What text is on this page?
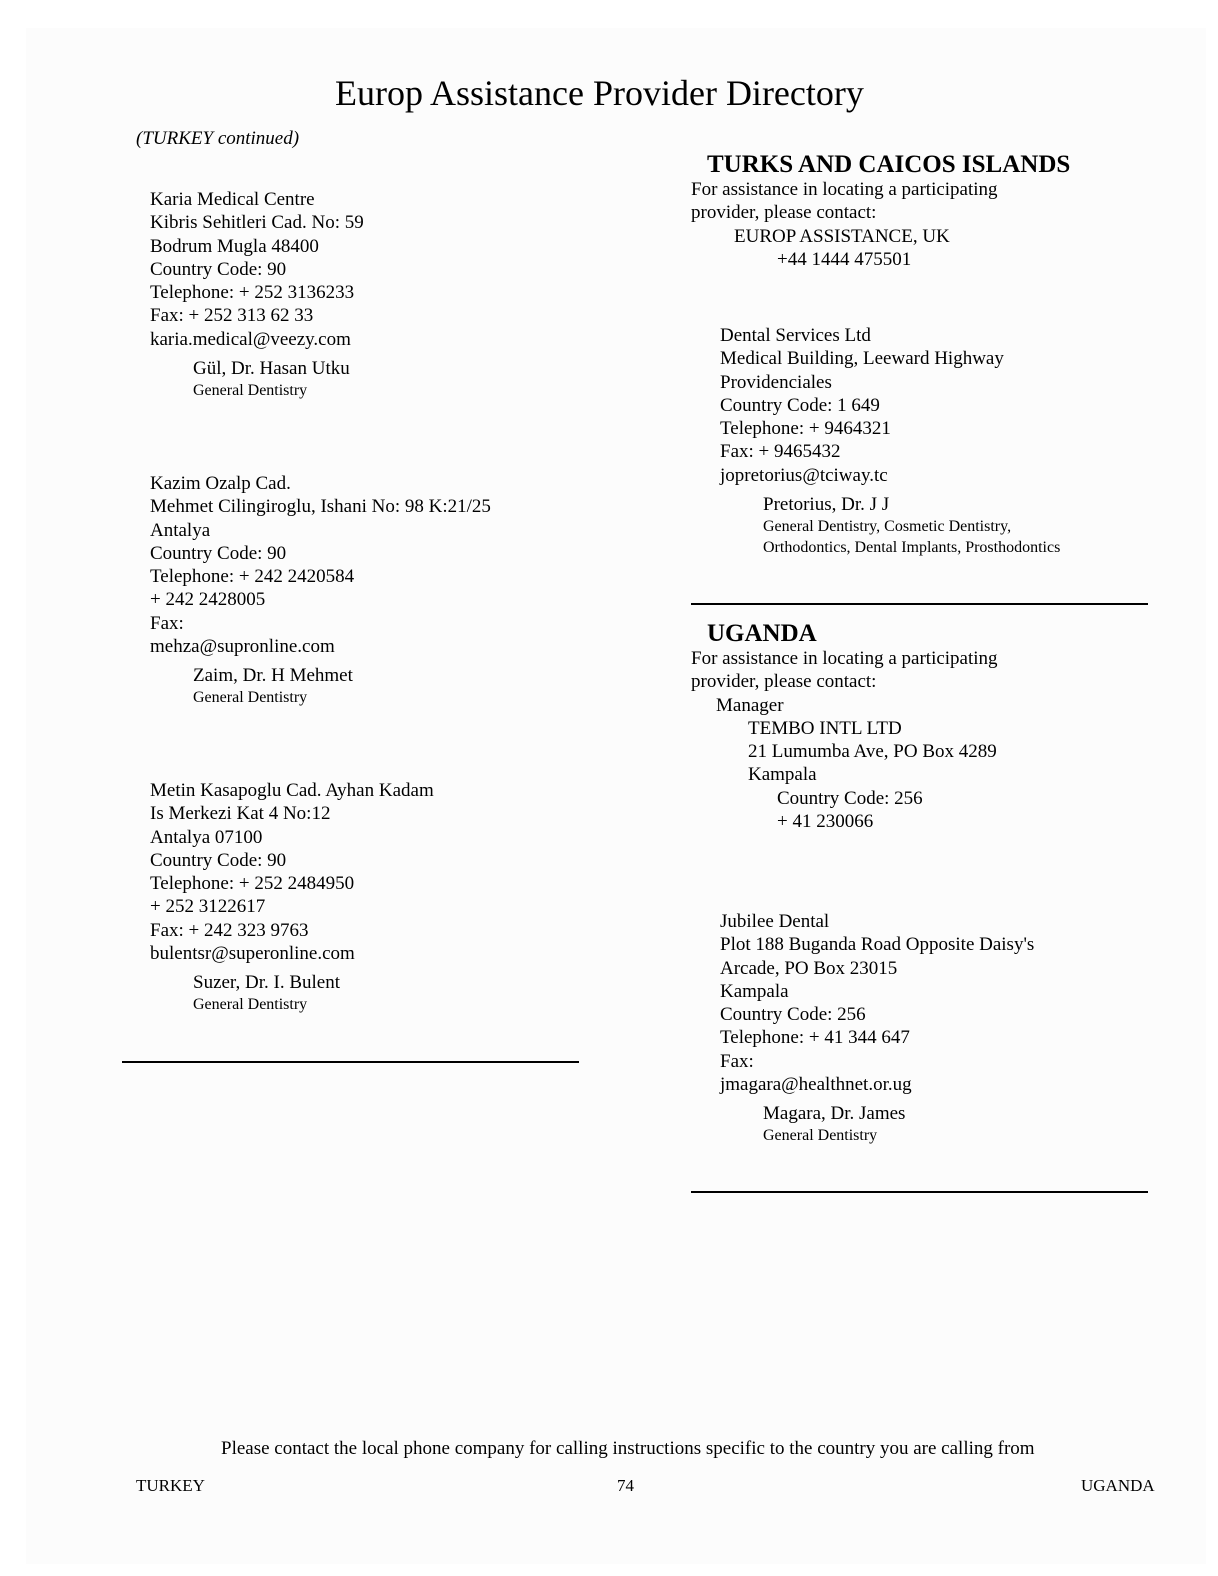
Europ Assistance Provider Directory
(TURKEY continued)
Karia Medical Centre
Kibris Sehitleri Cad. No: 59
Bodrum Mugla 48400
Country Code: 90
Telephone: + 252 3136233
Fax: + 252 313 62 33
karia.medical@veezy.com
Gül, Dr. Hasan Utku
General Dentistry
Kazim Ozalp Cad.
Mehmet Cilingiroglu, Ishani No: 98 K:21/25
Antalya
Country Code: 90
Telephone: + 242 2420584
+ 242 2428005
Fax:
mehza@supronline.com
Zaim, Dr. H Mehmet
General Dentistry
Metin Kasapoglu Cad. Ayhan Kadam
Is Merkezi Kat 4 No:12
Antalya 07100
Country Code: 90
Telephone: + 252 2484950
+ 252 3122617
Fax: + 242 323 9763
bulentsr@superonline.com
Suzer, Dr. I. Bulent
General Dentistry
TURKS AND CAICOS ISLANDS
For assistance in locating a participating
provider, please contact:
EUROP ASSISTANCE, UK
+44 1444 475501
Dental Services Ltd
Medical Building, Leeward Highway
Providenciales
Country Code: 1 649
Telephone: + 9464321
Fax: + 9465432
jopretorius@tciway.tc
Pretorius, Dr. J J
General Dentistry, Cosmetic Dentistry,
Orthodontics, Dental Implants, Prosthodontics
UGANDA
For assistance in locating a participating
provider, please contact:
Manager
TEMBO INTL LTD
21 Lumumba Ave, PO Box 4289
Kampala
Country Code: 256
+ 41 230066
Jubilee Dental
Plot 188 Buganda Road Opposite Daisy's
Arcade, PO Box 23015
Kampala
Country Code: 256
Telephone: + 41 344 647
Fax:
jmagara@healthnet.or.ug
Magara, Dr. James
General Dentistry
Please contact the local phone company for calling instructions specific to the country you are calling from
TURKEY	74	UGANDA
